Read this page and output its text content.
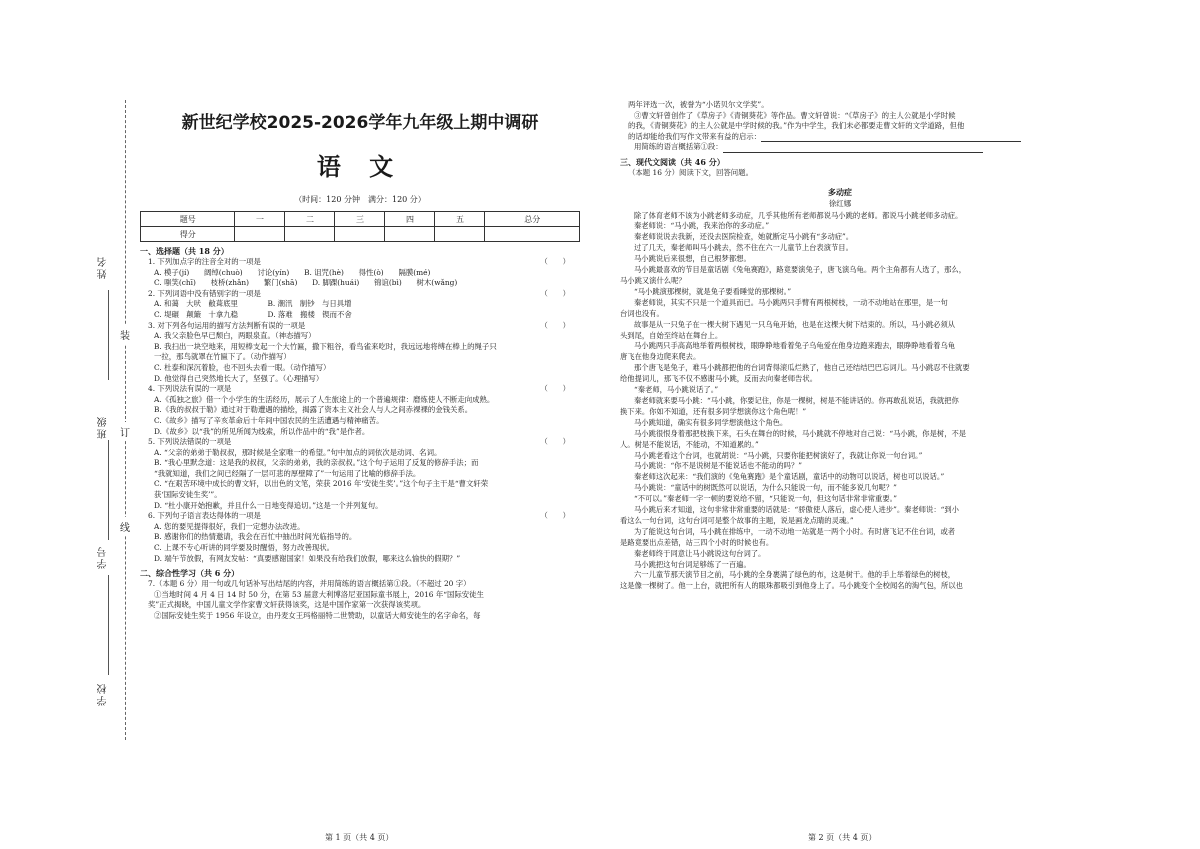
姓名
班级
学号
学校
装
订
线
新世纪学校2025-2026学年九年级上期中调研
语 文
（时间：120 分钟　满分：120 分）
题号	一	二	三	四	五	总分
得分						
一、选择题（共 18 分）
1. 下列加点字的注音全对的一项是	（　　）
A. 模子(jí)　　阔绰(chuò)　　讨论(yín)　　B. 诅咒(hè)　　得性(ò)　　隔膜(mé)
C. 嗤笑(chī)　　枝桥(zhǎn)　　繁门(shā)　　D. 脚踝(huái)　　锦谊(bì)　　树木(wǎng)
2. 下列词语中没有错别字的一项是	（　　）
A. 和蔼　大吠　敝葺底里　　　　B. 潮汛　制钞　与日具增
C. 堤碾　颠簸　十拿九稳　　　　D. 落难　搬楼　锲而不舍
3. 对下列各句运用的描写方法判断有误的一项是	（　　）
A. 我父亲脸色早已颓白，两眼泉直。（神态描写）
B. 我扫出一块空地来，用短棒支起一个大竹匾，撒下粗谷，看鸟雀来吃时，我远远地将缚在棒上的绳子只
一拉，那鸟就罩在竹匾下了。（动作描写）
C. 杜泰和深沉着脸，也不回头去看一眼。（动作描写）
D. 他觉得自己突然地长大了，坚强了。（心理描写）
4. 下列说法有误的一项是	（　　）
A.《孤独之旅》借一个小学生的生活经历，展示了人生旅途上的一个普遍规律：磨炼使人不断走向成熟。
B.《我的叔叔于勒》通过对于勒遭遇的描绘，揭露了资本主义社会人与人之间赤裸裸的金钱关系。
C.《故乡》描写了辛亥革命后十年间中国农民的生活遭遇与精神痛苦。
D.《故乡》以“我”的所见所闻为线索，所以作品中的“我”是作者。
5. 下列说法错误的一项是	（　　）
A. “父亲的弟弟于勒叔叔，那时候是全家唯一的希望。”句中加点的词依次是动词、名词。
B. “我心里默念道：这是我的叔叔，父亲的弟弟，我的亲叔叔。”这个句子运用了反复的修辞手法；而
“我就知道，我们之间已经隔了一层可悲的厚壁障了”一句运用了比喻的修辞手法。
C. “在艰苦环境中成长的曹文轩，以出色的文笔，荣获 2016 年‘安徒生奖’。”这个句子主干是“曹文轩荣
获‘国际安徒生奖’”。
D. “杜小康开始抱歉，并且什么一日地变得追切。”这是一个并列复句。
6. 下列句子语言表达得体的一项是	（　　）
A. 您的要见提得很好，我们一定想办法改进。
B. 感谢你们的热情邀请，我会在百忙中抽出时间光临指导的。
C. 上课不专心听讲的同学要及时醒悟，努力改善现状。
D. 端午节放假，有网友发帖：“真要感谢国家！如果没有给我们放假，哪来这么愉快的假期？”
二、综合性学习（共 6 分）
7.（本题 6 分）用一句或几句话补写出结尾的内容，并用简练的语言概括第①段。（不超过 20 字）
①当地时间 4 月 4 日 14 时 50 分，在第 53 届意大利博洛尼亚国际童书展上，2016 年“国际安徒生
奖”正式揭晓，中国儿童文学作家曹文轩获得该奖，这是中国作家第一次获得该奖项。
②国际安徒生奖于 1956 年设立，由丹麦女王玛格丽特二世赞助，以童话大师安徒生的名字命名，每
第 1 页（共 4 页）
两年评选一次，被誉为“小诺贝尔文学奖”。
③曹文轩曾创作了《草房子》《青铜葵花》等作品。曹文轩曾说：“《草房子》的主人公就是小学时候
的我，《青铜葵花》的主人公就是中学时候的我。”作为中学生，我们未必都要走曹文轩的文学道路，但他
的话却能给我们写作文带来有益的启示：
用简练的语言概括第①段：
三、现代文阅读（共 46 分）
（本题 16 分）阅读下文，回答问题。
多动症
徐红娜
除了体育老师不该为小跳老师多动症，几乎其他所有老师都说马小跳的老师。都说马小跳老师多动症。
秦老师说：“马小跳，我来治你的多动症。”
秦老师说说去我新，还没去医院检查，她就断定马小跳有“多动症”。
过了几天，秦老师叫马小跳去，然不住在六一儿童节上台表演节目。
马小跳说后来很想，自己根梦都想。
马小跳最喜欢的节目是童话剧《兔龟赛跑》，路竟要演兔子，唐飞演乌龟。两个主角都有人选了，那么，
马小跳又演什么呢？
“马小跳演那棵树，就是兔子要看睡觉的那棵树。”
秦老师说，其实不只是一个道具而已。马小跳两只手臂有两根树枝，一动不动地站在那里，是一句
台词也没有。
故事是从一只兔子在一棵大树下遇见一只乌龟开始，也是在这棵大树下结束的。所以，马小跳必须从
头到尾，自始至终站在舞台上。
马小跳两只手高高地举着两根树枝，眼睁睁地看着兔子乌龟爱在他身边跑来跑去，眼睁睁地看着乌龟
唐飞在他身边爬来爬去。
那个唐飞是兔子，难马小跳都把他的台词背得滚瓜烂熟了，他自己还结结巴巴忘词儿。马小跳忍不住就要
给他提词儿，那飞不仅不感谢马小跳，反而去向秦老师告状。
“秦老师，马小跳说话了。”
秦老师就来要马小跳：“马小跳，你要记住，你是一棵树，树是不能讲话的。你再敢乱说话，我就把你
换下来。你如不知道，还有很多同学想演你这个角色呢！”
马小跳知道，确实有很多同学想演他这个角色。
马小跳很恨身着那把枝换下来，石头在舞台的时候，马小跳就不停地对自己说：“马小跳，你是树，不是
人。树是不能说话，不能动，不知道累的。”
马小跳老看这个台词，也就胡说：“马小跳，只要你能把树演好了，我就让你说一句台词。”
马小跳说：“你不是说树是不能说话也不能动的吗？”
秦老师这次起来：“我们演的《兔龟赛跑》是个童话剧，童话中的动物可以说话，树也可以说话。”
马小跳说：“童话中的树既然可以说话，为什么只能说一句，而不能多说几句呢？”
“不可以。”秦老师一字一顿的要说给不留，“只能说一句，但这句话非常非常重要。”
马小跳后来才知道，这句非常非常重要的话就是：“骄傲使人落后，虚心使人进步”。秦老师说：“到小
看这么一句台词，这句台词可是整个故事的主题，说是画龙点睛的灵魂。”
为了能说这句台词，马小跳在排练中，一动不动地一站就是一两个小时。有时唐飞记不住台词，或者
是路竟要出点差错，站三四个小时的时候也有。
秦老师终于同意让马小跳说这句台词了。
马小跳把这句台词足够练了一百遍。
六一儿童节那天演节目之前，马小跳的全身裹满了绿色的布，这是树干。他的手上举着绿色的树枝，
这是像一棵树了。他一上台，就把所有人的眼珠都吸引到他身上了。马小跳变个全校闻名的淘气包，所以也
第 2 页（共 4 页）
